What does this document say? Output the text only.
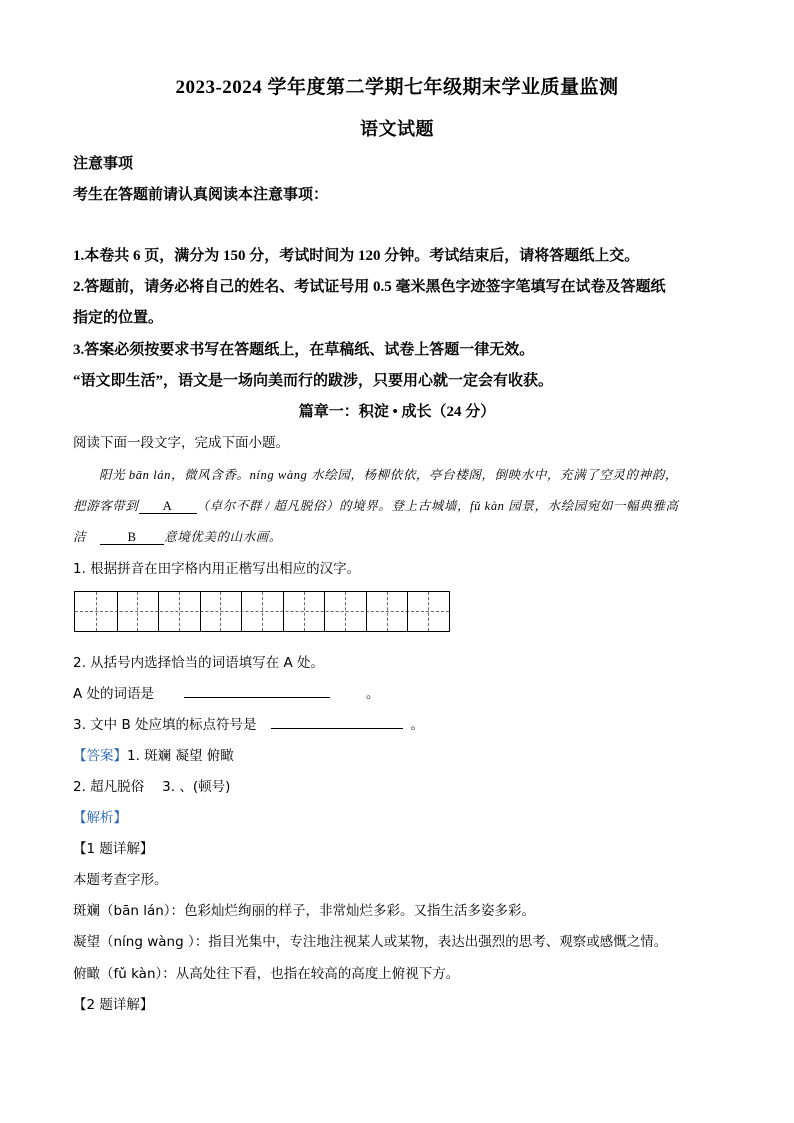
2023-2024 学年度第二学期七年级期末学业质量监测
语文试题
注意事项
考生在答题前请认真阅读本注意事项：
1.本卷共 6 页，满分为 150 分，考试时间为 120 分钟。考试结束后，请将答题纸上交。
2.答题前，请务必将自己的姓名、考试证号用 0.5 毫米黑色字迹签字笔填写在试卷及答题纸
指定的位置。
3.答案必须按要求书写在答题纸上，在草稿纸、试卷上答题一律无效。
“语文即生活”，语文是一场向美而行的跋涉，只要用心就一定会有收获。
篇章一：积淀 • 成长（24 分）
阅读下面一段文字，完成下面小题。
阳光 bān lán，微风含香。níng wàng 水绘园，杨柳依依，亭台楼阁，倒映水中，充满了空灵的神韵，
把游客带到 A （卓尔不群 / 超凡脱俗）的境界。登上古城墙，fǔ kàn 园景，水绘园宛如一幅典雅高
洁	B 意境优美的山水画。
1. 根据拼音在田字格内用正楷写出相应的汉字。
2. 从括号内选择恰当的词语填写在 A 处。
A 处的词语是	。
3. 文中 B 处应填的标点符号是	。
【答案】1. 斑斓 凝望 俯瞰
2. 超凡脱俗 3. 、(顿号)
【解析】
【1 题详解】
本题考查字形。
斑斓（bān lán）：色彩灿烂绚丽的样子，非常灿烂多彩。又指生活多姿多彩。
凝望（níng wàng ）：指目光集中，专注地注视某人或某物，表达出强烈的思考、观察或感慨之情。
俯瞰（fǔ kàn）：从高处往下看，也指在较高的高度上俯视下方。
【2 题详解】
